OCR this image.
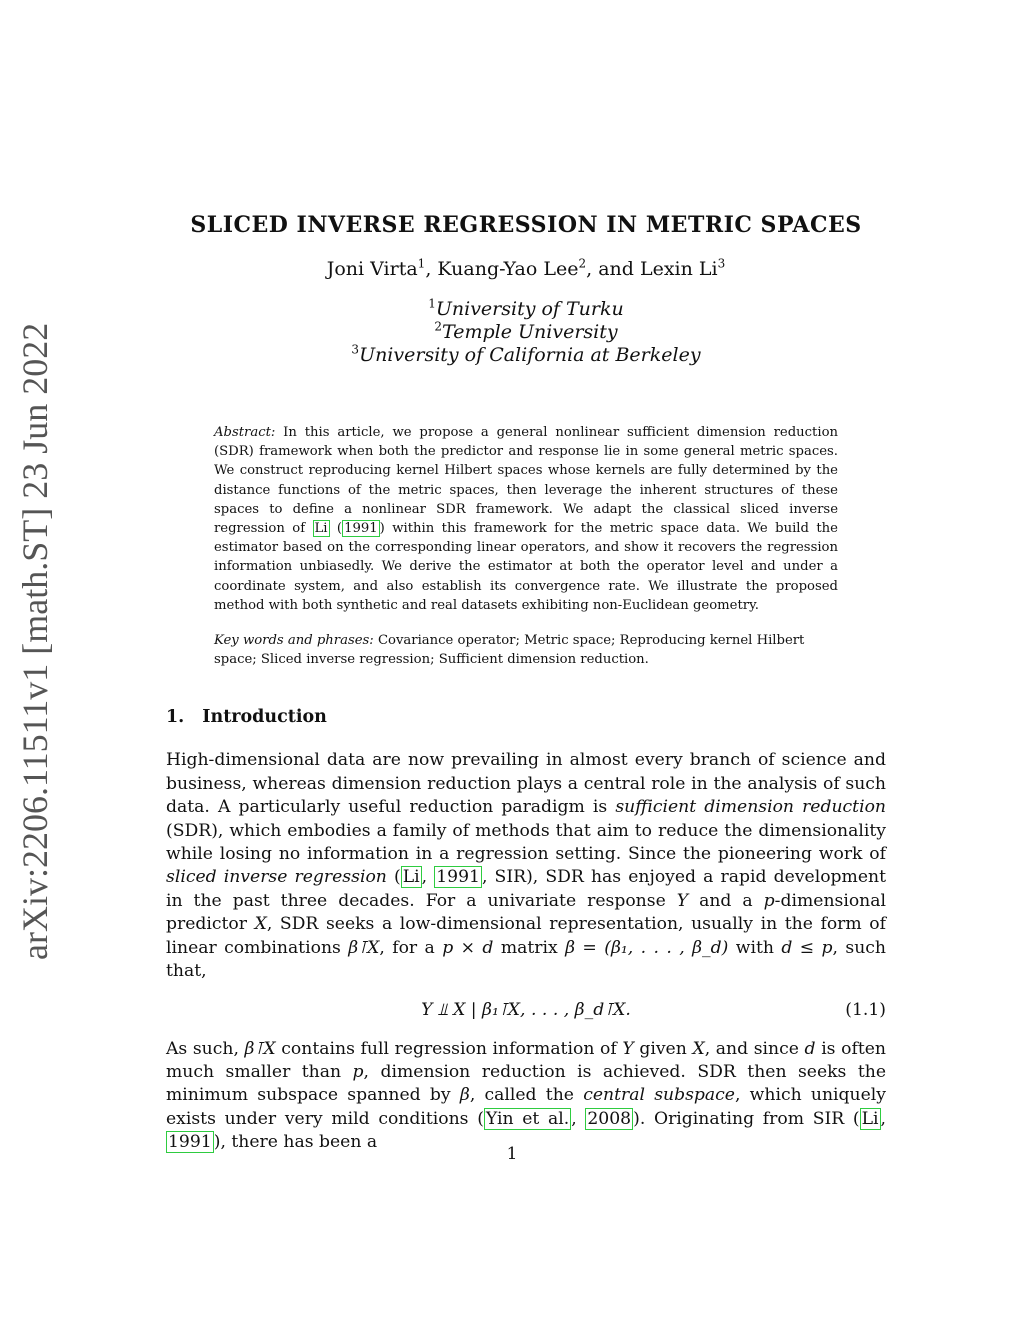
arXiv:2206.11511v1 [math.ST] 23 Jun 2022
SLICED INVERSE REGRESSION IN METRIC SPACES
Joni Virta$^1$, Kuang-Yao Lee$^2$, and Lexin Li$^3$
$^1$University of Turku
$^2$Temple University
$^3$University of California at Berkeley
Abstract: In this article, we propose a general nonlinear sufficient dimension reduction (SDR) framework when both the predictor and response lie in some general metric spaces. We construct reproducing kernel Hilbert spaces whose kernels are fully determined by the distance functions of the metric spaces, then leverage the inherent structures of these spaces to define a nonlinear SDR framework. We adapt the classical sliced inverse regression of Li ( 1991 ) within this framework for the metric space data. We build the estimator based on the corresponding linear operators, and show it recovers the regression information unbiasedly. We derive the estimator at both the operator level and under a coordinate system, and also establish its convergence rate. We illustrate the proposed method with both synthetic and real datasets exhibiting non-Euclidean geometry.
Key words and phrases: Covariance operator; Metric space; Reproducing kernel Hilbert space; Sliced inverse regression; Sufficient dimension reduction.
1. Introduction
High-dimensional data are now prevailing in almost every branch of science and business, whereas dimension reduction plays a central role in the analysis of such data. A particularly useful reduction paradigm is sufficient dimension reduction (SDR), which embodies a family of methods that aim to reduce the dimensionality while losing no information in a regression setting. Since the pioneering work of sliced inverse regression ( Li , 1991 , SIR), SDR has enjoyed a rapid development in the past three decades. For a univariate response Y and a p-dimensional predictor X, SDR seeks a low-dimensional representation, usually in the form of linear combinations β⊺X, for a p × d matrix β = (β₁, . . . , β_d) with d ≤ p, such that,
Y ⫫ X | β₁⊺X, . . . , β_d⊺X.	(1.1)
As such, β⊺X contains full regression information of Y given X, and since d is often much smaller than p, dimension reduction is achieved. SDR then seeks the minimum subspace spanned by β, called the central subspace, which uniquely exists under very mild conditions ( Yin et al. , 2008 ). Originating from SIR ( Li , 1991 ), there has been a
1
